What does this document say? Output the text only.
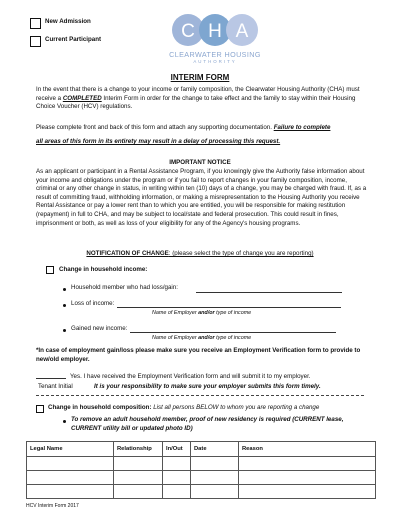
New Admission
Current Participant	C H A
CLEARWATER HOUSING
AUTHORITY
INTERIM FORM
In the event that there is a change to your income or family composition, the Clearwater Housing Authority (CHA) must receive a COMPLETED Interim Form in order for the change to take effect and the family to stay within their Housing Choice Voucher (HCV) regulations.
Please complete front and back of this form and attach any supporting documentation. Failure to complete
all areas of this form in its entirety may result in a delay of processing this request.
IMPORTANT NOTICE
As an applicant or participant in a Rental Assistance Program, if you knowingly give the Authority false information about your income and obligations under the program or if you fail to report changes in your family composition, income, criminal or any other change in status, in writing within ten (10) days of a change, you may be charged with fraud. If, as a result of committing fraud, withholding information, or making a misrepresentation to the Housing Authority you receive Rental Assistance or pay a lower rent than to which you are entitled, you will be responsible for making restitution (repayment) in full to CHA, and may be subject to local/state and federal prosecution. This could result in fines, imprisonment or both, as well as loss of your eligibility for any of the Agency's housing programs.
NOTIFICATION OF CHANGE: (please select the type of change you are reporting)
Change in household income:
Household member who had loss/gain:
Loss of income:
Name of Employer and/or type of income
Gained new income:
Name of Employer and/or type of income
*In case of employment gain/loss please make sure you receive an Employment Verification form to provide to new/old employer.
Yes. I have received the Employment Verification form and will submit it to my employer.
Tenant Initial	It is your responsibility to make sure your employer submits this form timely.
Change in household composition: List all persons BELOW to whom you are reporting a change
To remove an adult household member, proof of new residency is required (CURRENT lease,
CURRENT utility bill or updated photo ID)
Legal Name	Relationship	In/Out	Date	Reason

HCV Interim Form 2017
